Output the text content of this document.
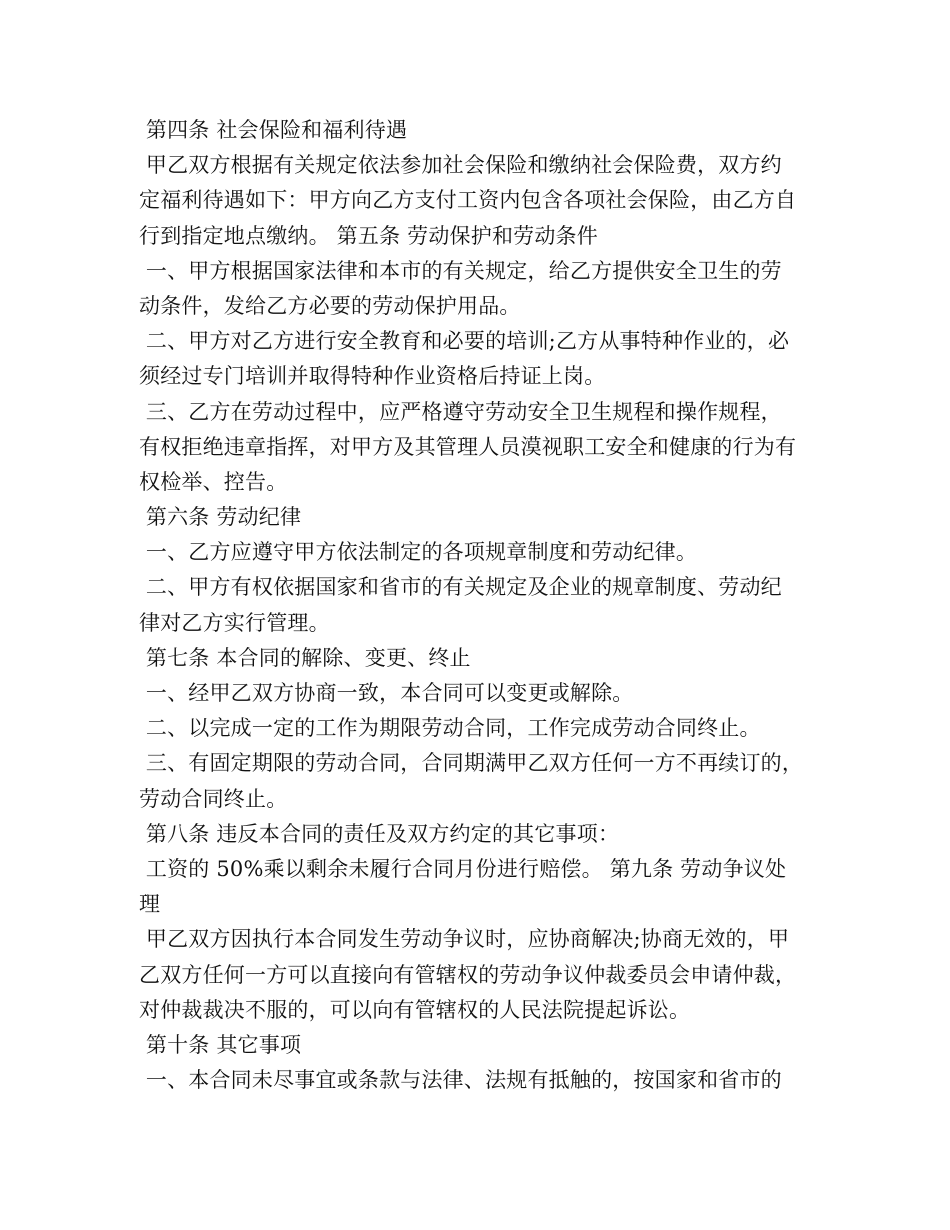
第四条 社会保险和福利待遇
甲乙双方根据有关规定依法参加社会保险和缴纳社会保险费，双方约
定福利待遇如下：甲方向乙方支付工资内包含各项社会保险，由乙方自
行到指定地点缴纳。 第五条 劳动保护和劳动条件
一、甲方根据国家法律和本市的有关规定，给乙方提供安全卫生的劳
动条件，发给乙方必要的劳动保护用品。
二、甲方对乙方进行安全教育和必要的培训;乙方从事特种作业的，必
须经过专门培训并取得特种作业资格后持证上岗。
三、乙方在劳动过程中，应严格遵守劳动安全卫生规程和操作规程，
有权拒绝违章指挥，对甲方及其管理人员漠视职工安全和健康的行为有
权检举、控告。
第六条 劳动纪律
一、乙方应遵守甲方依法制定的各项规章制度和劳动纪律。
二、甲方有权依据国家和省市的有关规定及企业的规章制度、劳动纪
律对乙方实行管理。
第七条 本合同的解除、变更、终止
一、经甲乙双方协商一致，本合同可以变更或解除。
二、以完成一定的工作为期限劳动合同，工作完成劳动合同终止。
三、有固定期限的劳动合同，合同期满甲乙双方任何一方不再续订的，
劳动合同终止。
第八条 违反本合同的责任及双方约定的其它事项：
工资的 50%乘以剩余未履行合同月份进行赔偿。 第九条 劳动争议处
理
甲乙双方因执行本合同发生劳动争议时，应协商解决;协商无效的，甲
乙双方任何一方可以直接向有管辖权的劳动争议仲裁委员会申请仲裁，
对仲裁裁决不服的，可以向有管辖权的人民法院提起诉讼。
第十条 其它事项
一、本合同未尽事宜或条款与法律、法规有抵触的，按国家和省市的
